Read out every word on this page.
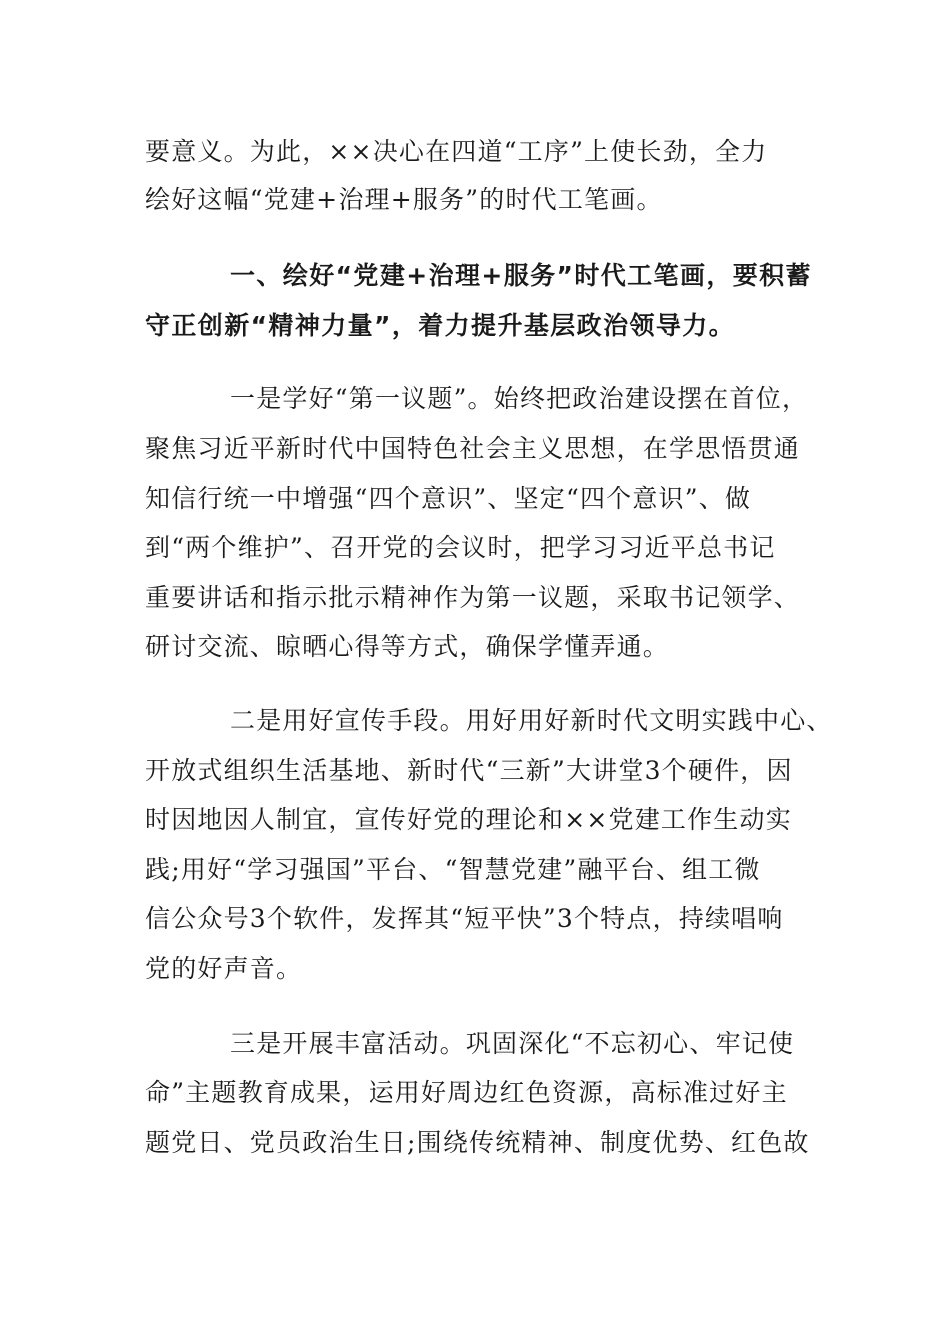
要意义。为此，××决心在四道“工序”上使长劲，全力
绘好这幅“党建+治理+服务”的时代工笔画。
一、绘好“党建+治理+服务”时代工笔画，要积蓄
守正创新“精神力量”，着力提升基层政治领导力。
一是学好“第一议题”。始终把政治建设摆在首位，
聚焦习近平新时代中国特色社会主义思想，在学思悟贯通
知信行统一中增强“四个意识”、坚定“四个意识”、做
到“两个维护”、召开党的会议时，把学习习近平总书记
重要讲话和指示批示精神作为第一议题，采取书记领学、
研讨交流、晾晒心得等方式，确保学懂弄通。
二是用好宣传手段。用好用好新时代文明实践中心、
开放式组织生活基地、新时代“三新”大讲堂3个硬件，因
时因地因人制宜，宣传好党的理论和××党建工作生动实
践;用好“学习强国”平台、“智慧党建”融平台、组工微
信公众号3个软件，发挥其“短平快”3个特点，持续唱响
党的好声音。
三是开展丰富活动。巩固深化“不忘初心、牢记使
命”主题教育成果，运用好周边红色资源，高标准过好主
题党日、党员政治生日;围绕传统精神、制度优势、红色故
